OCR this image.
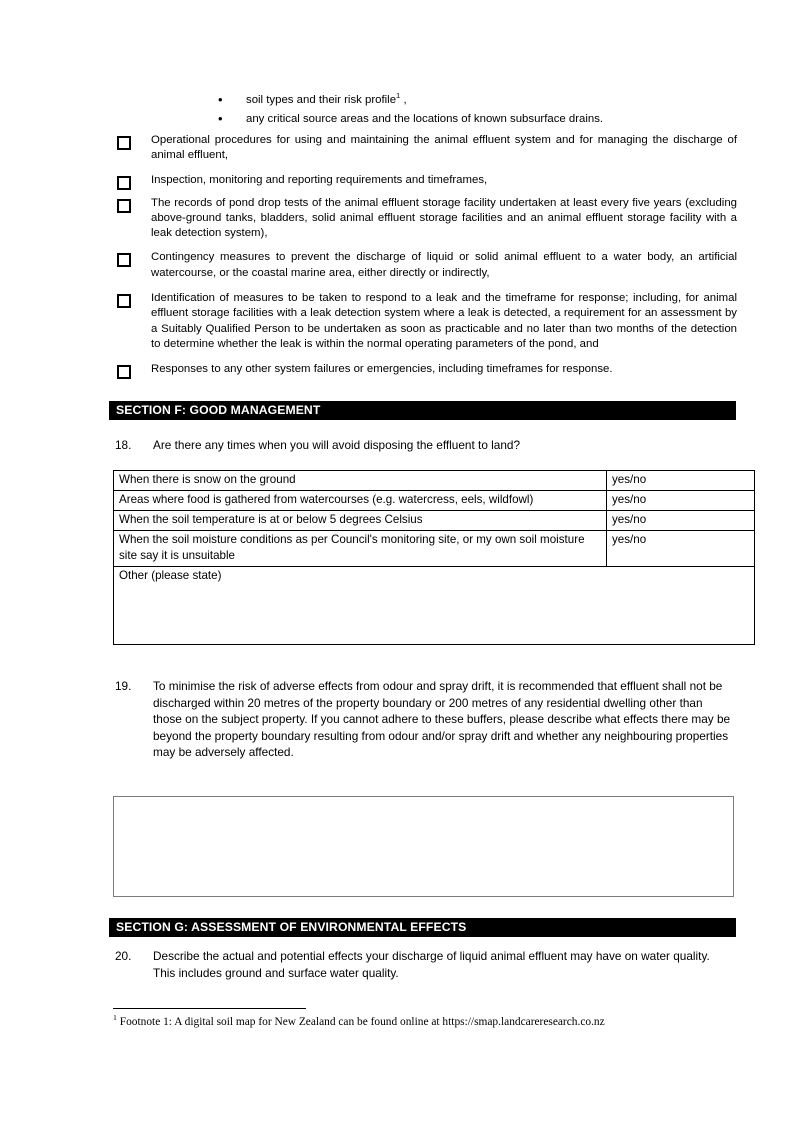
•	soil types and their risk profile$^1$ ,
•	any critical source areas and the locations of known subsurface drains.
Operational procedures for using and maintaining the animal effluent system and for managing the discharge of animal effluent,
Inspection, monitoring and reporting requirements and timeframes,
The records of pond drop tests of the animal effluent storage facility undertaken at least every five years (excluding above-ground tanks, bladders, solid animal effluent storage facilities and an animal effluent storage facility with a leak detection system),
Contingency measures to prevent the discharge of liquid or solid animal effluent to a water body, an artificial watercourse, or the coastal marine area, either directly or indirectly,
Identification of measures to be taken to respond to a leak and the timeframe for response; including, for animal effluent storage facilities with a leak detection system where a leak is detected, a requirement for an assessment by a Suitably Qualified Person to be undertaken as soon as practicable and no later than two months of the detection to determine whether the leak is within the normal operating parameters of the pond, and
Responses to any other system failures or emergencies, including timeframes for response.
SECTION F: GOOD MANAGEMENT
18.	Are there any times when you will avoid disposing the effluent to land?
When there is snow on the ground	yes/no
Areas where food is gathered from watercourses (e.g. watercress, eels, wildfowl)	yes/no
When the soil temperature is at or below 5 degrees Celsius	yes/no
When the soil moisture conditions as per Council's monitoring site, or my own soil moisture site say it is unsuitable	yes/no
Other (please state)	
19.	To minimise the risk of adverse effects from odour and spray drift, it is recommended that effluent shall not be discharged within 20 metres of the property boundary or 200 metres of any residential dwelling other than those on the subject property. If you cannot adhere to these buffers, please describe what effects there may be beyond the property boundary resulting from odour and/or spray drift and whether any neighbouring properties may be adversely affected.
SECTION G: ASSESSMENT OF ENVIRONMENTAL EFFECTS
20.	Describe the actual and potential effects your discharge of liquid animal effluent may have on water quality. This includes ground and surface water quality.
$^1$ Footnote 1: A digital soil map for New Zealand can be found online at https://smap.landcareresearch.co.nz
